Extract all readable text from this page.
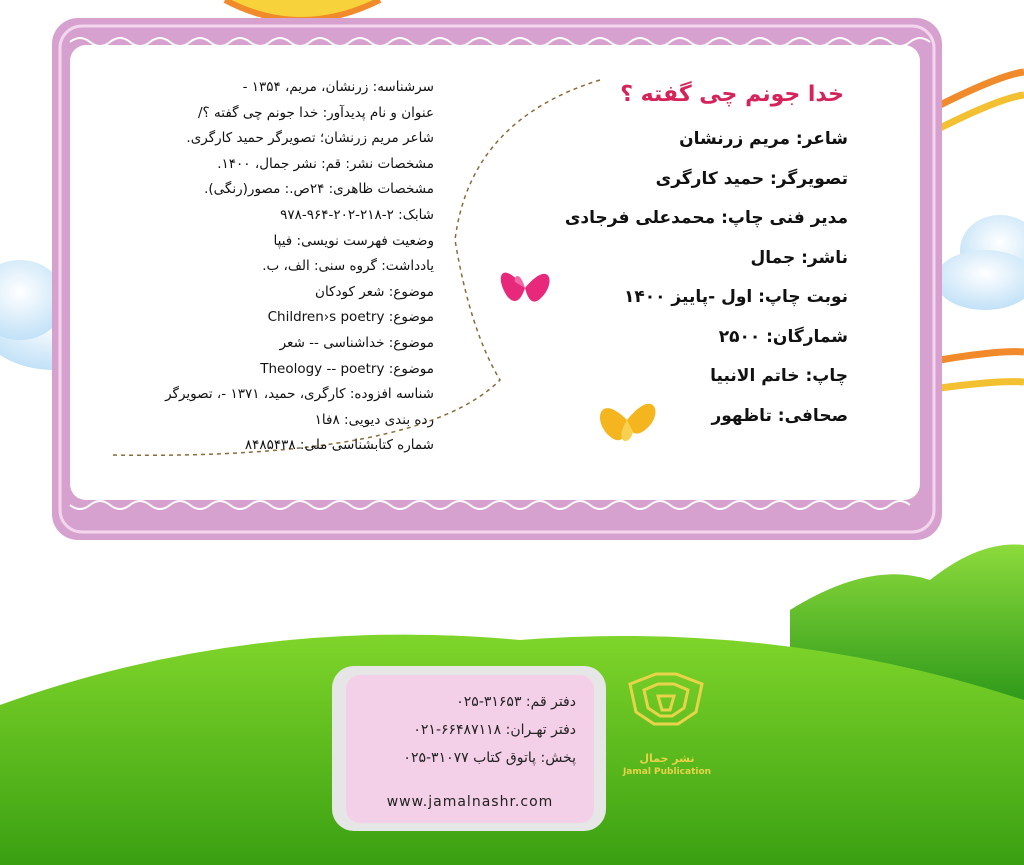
خدا جونم چی گفته ؟
شاعر: مریم زرنشان
تصویرگر: حمید کارگری
مدیر فنی چاپ: محمدعلی فرجادی
ناشر: جمال
نوبت چاپ: اول -پاییز ۱۴۰۰
شمارگان: ۲۵۰۰
چاپ: خاتم الانبیا
صحافی: تاظهور
سرشناسه: زرنشان، مریم، ۱۳۵۴ -
عنوان و نام پدیدآور: خدا جونم چی گفته ؟/
شاعر مریم زرنشان؛ تصویرگر حمید کارگری.
مشخصات نشر: قم: نشر جمال، ۱۴۰۰.
مشخصات ظاهری: ۲۴ص.: مصور(رنگی).
شابک: ۲-۲۱۸-۲۰۲-۹۶۴-۹۷۸
وضعیت فهرست نویسی: فیپا
یادداشت: گروه سنی: الف، ب.
موضوع: شعر کودکان
موضوع: Children›s poetry
موضوع: خداشناسی -- شعر
موضوع: Theology -- poetry
شناسه افزوده: کارگری، حمید، ۱۳۷۱ -، تصویرگر
رده بندی دیویی: ۸فا۱
شماره کتابشناسی ملی: ۸۴۸۵۴۳۸
دفتر قم: ۳۱۶۵۳-۰۲۵
دفتر تهـران: ۶۶۴۸۷۱۱۸-۰۲۱
پخش: پاتوق کتاب ۳۱۰۷۷-۰۲۵
www.jamalnashr.com
نشر جمال
Jamal Publication
